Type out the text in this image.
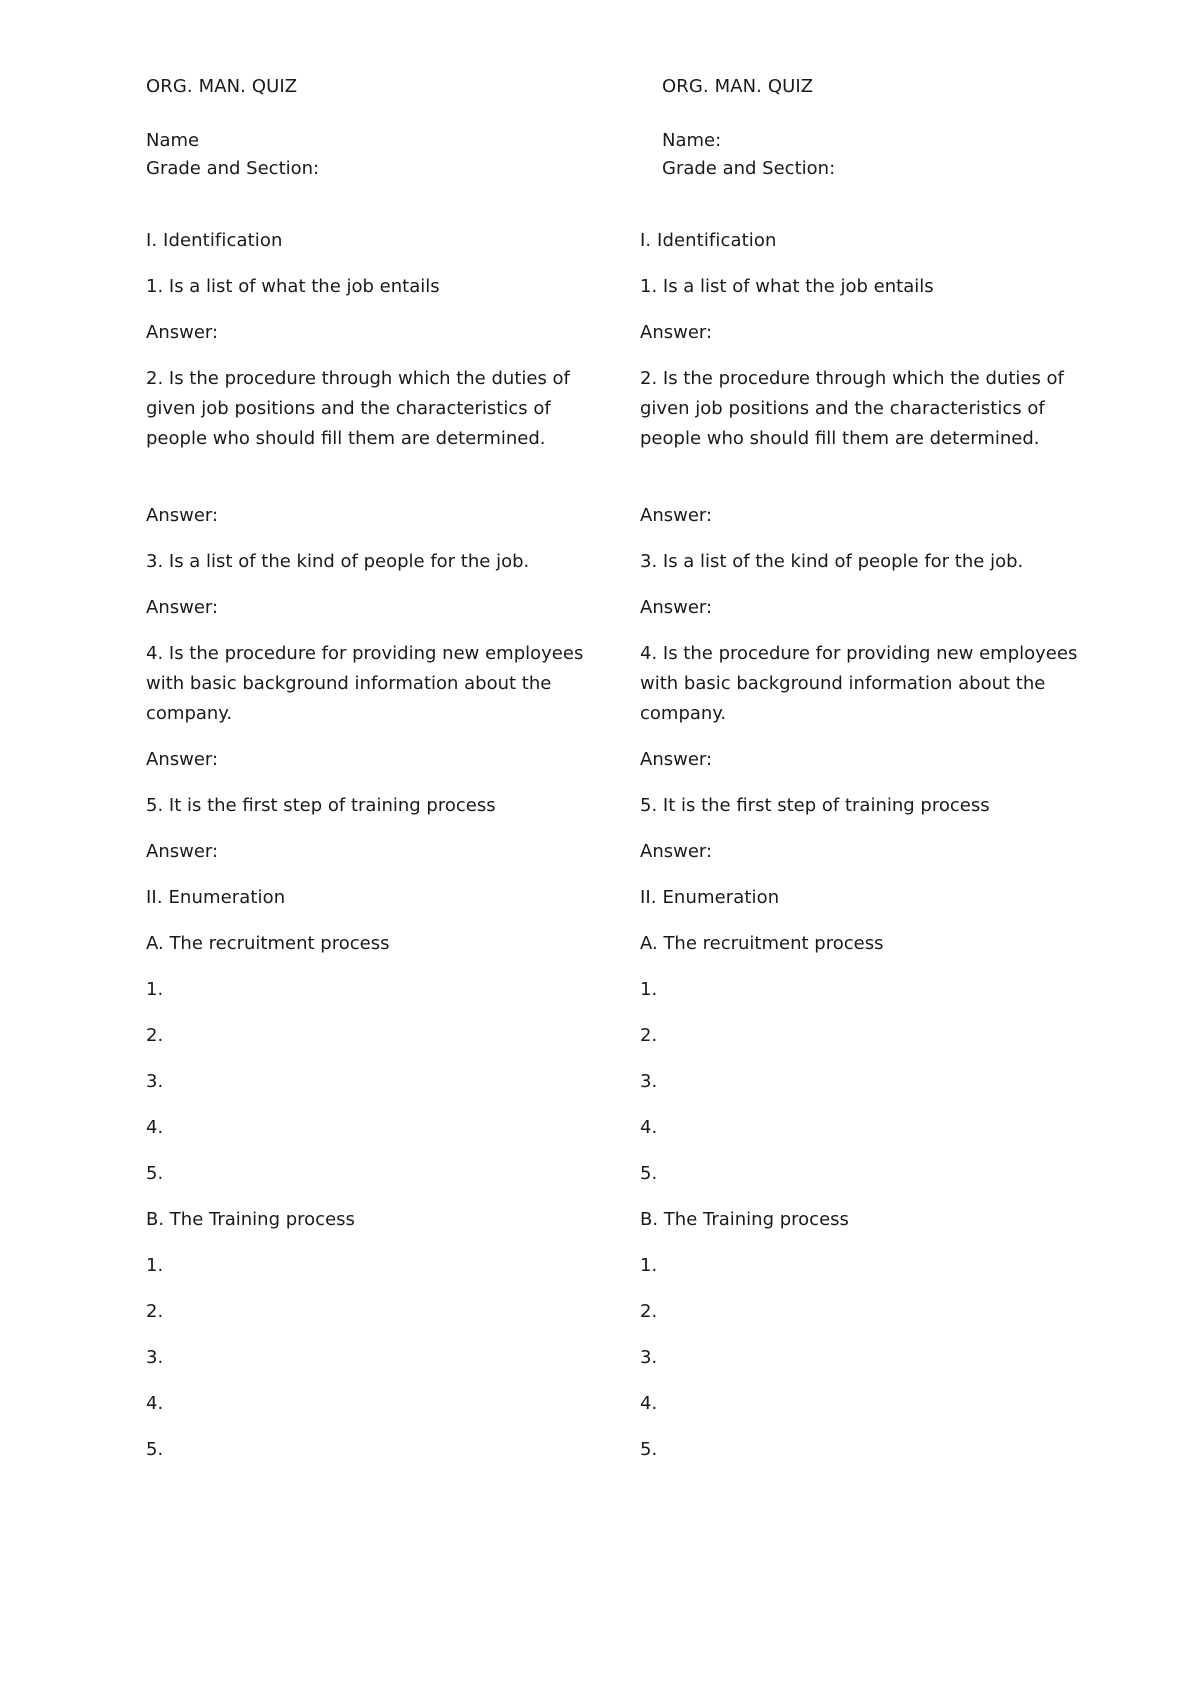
ORG. MAN. QUIZ

Name

Grade and Section:

I. Identification

1. Is a list of what the job entails

Answer:

2. Is the procedure through which the duties of given job positions and the characteristics of people who should fill them are determined.

Answer:

3. Is a list of the kind of people for the job.

Answer:

4. Is the procedure for providing new employees with basic background information about the company.

Answer:

5. It is the first step of training process

Answer:

II. Enumeration

A. The recruitment process

1.

2.

3.

4.

5.

B. The Training process

1.

2.

3.

4.

5.

ORG. MAN. QUIZ

Name:

Grade and Section:

I. Identification

1. Is a list of what the job entails

Answer:

2. Is the procedure through which the duties of given job positions and the characteristics of people who should fill them are determined.

Answer:

3. Is a list of the kind of people for the job.

Answer:

4. Is the procedure for providing new employees with basic background information about the company.

Answer:

5. It is the first step of training process

Answer:

II. Enumeration

A. The recruitment process

1.

2.

3.

4.

5.

B. The Training process

1.

2.

3.

4.

5.
